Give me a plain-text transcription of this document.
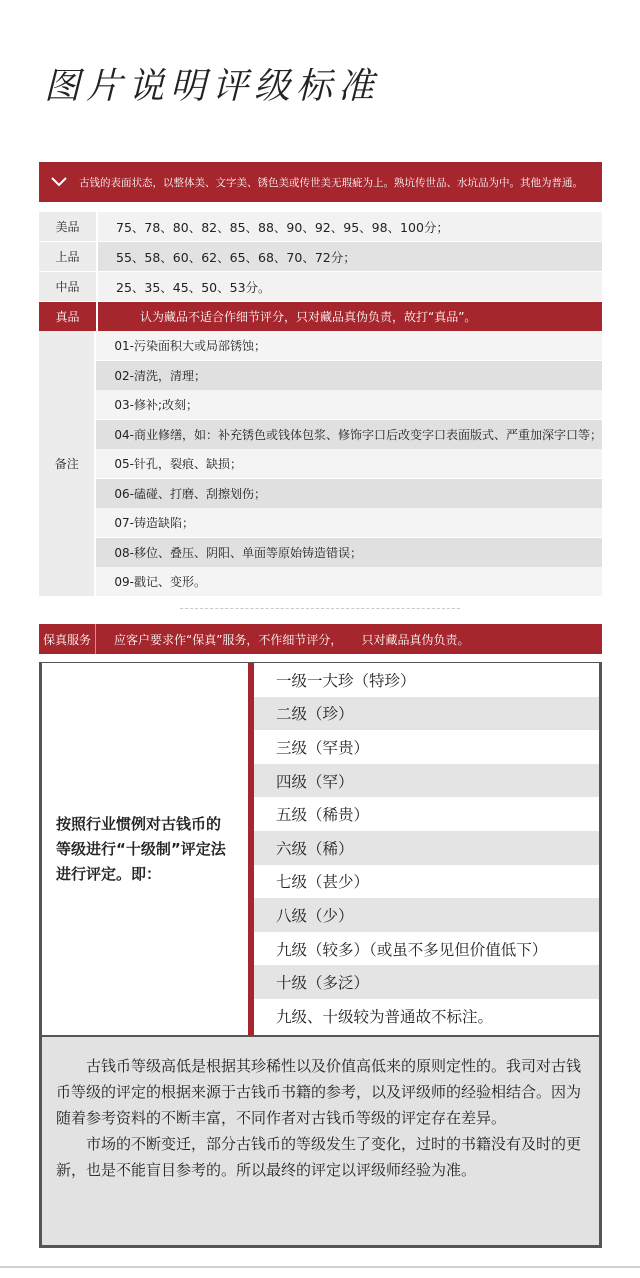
图片说明评级标准
古钱的表面状态，以整体美、文字美、锈色美或传世美无瑕疵为上。熟坑传世品、水坑品为中。其他为普通。
美品	75、78、80、82、85、88、90、92、95、98、100分；
上品	55、58、60、62、65、68、70、72分；
中品	25、35、45、50、53分。
真品	认为藏品不适合作细节评分，只对藏品真伪负责，故打“真品”。
备注
01-污染面积大或局部锈蚀；
02-清洗，清理；
03-修补;改刻；
04-商业修缮，如：补充锈色或钱体包浆、修饰字口后改变字口表面版式、严重加深字口等；
05-针孔，裂痕、缺损；
06-磕碰、打磨、刮擦划伤；
07-铸造缺陷；
08-移位、叠压、阴阳、单面等原始铸造错误；
09-戳记、变形。
保真服务	应客户要求作“保真”服务，不作细节评分，     只对藏品真伪负责。

按照行业惯例对古钱币的等级进行“十级制”评定法进行评定。即：

一级一大珍（特珍）
二级（珍）
三级（罕贵）
四级（罕）
五级（稀贵）
六级（稀）
七级（甚少）
八级（少）
九级（较多）（或虽不多见但价值低下）
十级（多泛）
九级、十级较为普通故不标注。

古钱币等级高低是根据其珍稀性以及价值高低来的原则定性的。我司对古钱币等级的评定的根据来源于古钱币书籍的参考，以及评级师的经验相结合。因为随着参考资料的不断丰富，不同作者对古钱币等级的评定存在差异。

市场的不断变迁，部分古钱币的等级发生了变化，过时的书籍没有及时的更新，也是不能盲目参考的。所以最终的评定以评级师经验为准。
